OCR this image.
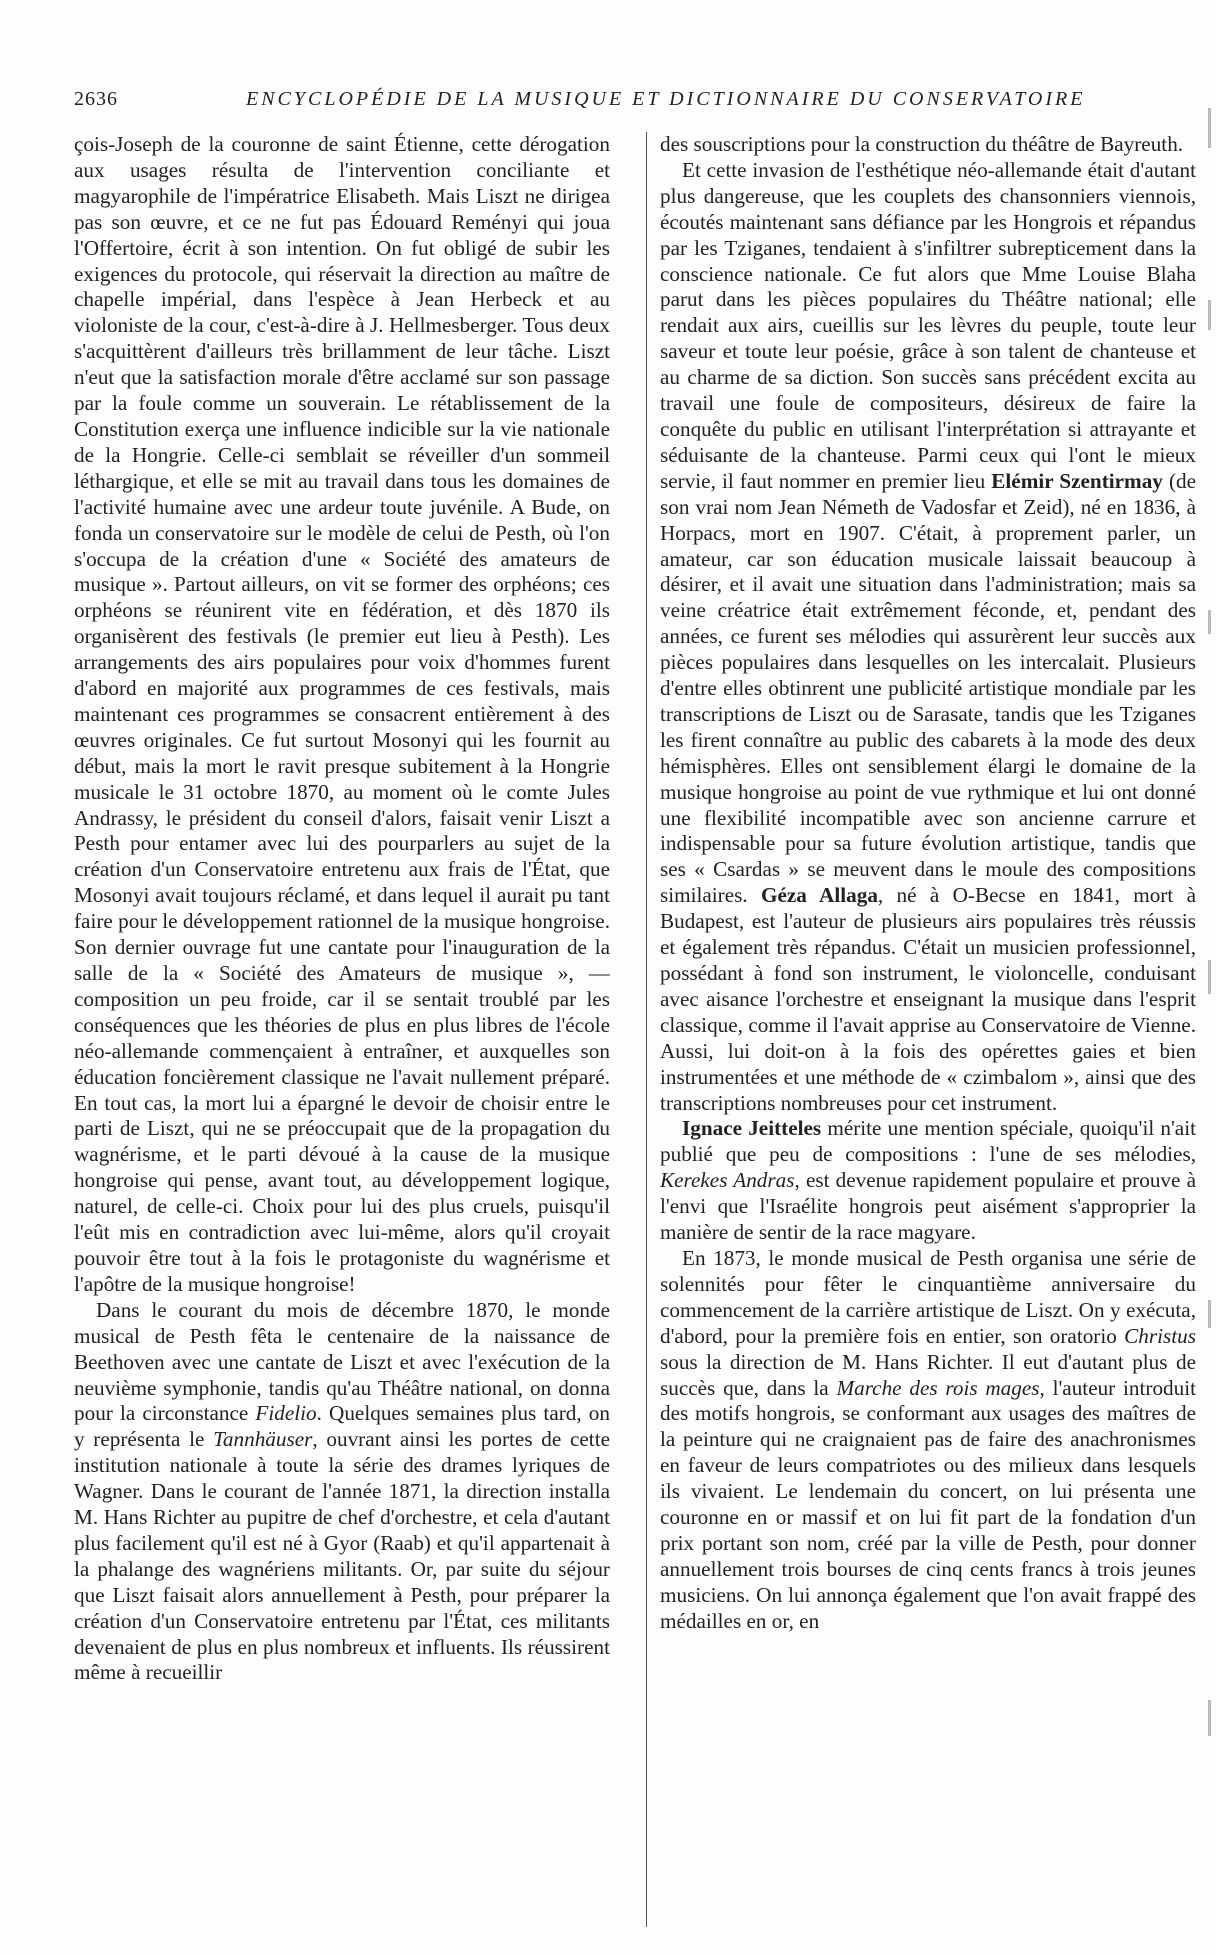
2636	ENCYCLOPÉDIE DE LA MUSIQUE ET DICTIONNAIRE DU CONSERVATOIRE

çois-Joseph de la couronne de saint Étienne, cette dérogation aux usages résulta de l'intervention conciliante et magyarophile de l'impératrice Elisabeth. Mais Liszt ne dirigea pas son œuvre, et ce ne fut pas Édouard Reményi qui joua l'Offertoire, écrit à son intention. On fut obligé de subir les exigences du protocole, qui réservait la direction au maître de chapelle impérial, dans l'espèce à Jean Herbeck et au violoniste de la cour, c'est-à-dire à J. Hellmesberger. Tous deux s'acquittèrent d'ailleurs très brillamment de leur tâche. Liszt n'eut que la satisfaction morale d'être acclamé sur son passage par la foule comme un souverain. Le rétablissement de la Constitution exerça une influence indicible sur la vie nationale de la Hongrie. Celle-ci semblait se réveiller d'un sommeil léthargique, et elle se mit au travail dans tous les domaines de l'activité humaine avec une ardeur toute juvénile. A Bude, on fonda un conservatoire sur le modèle de celui de Pesth, où l'on s'occupa de la création d'une « Société des amateurs de musique ». Partout ailleurs, on vit se former des orphéons; ces orphéons se réunirent vite en fédération, et dès 1870 ils organisèrent des festivals (le premier eut lieu à Pesth). Les arrangements des airs populaires pour voix d'hommes furent d'abord en majorité aux programmes de ces festivals, mais maintenant ces programmes se consacrent entièrement à des œuvres originales. Ce fut surtout Mosonyi qui les fournit au début, mais la mort le ravit presque subitement à la Hongrie musicale le 31 octobre 1870, au moment où le comte Jules Andrassy, le président du conseil d'alors, faisait venir Liszt a Pesth pour entamer avec lui des pourparlers au sujet de la création d'un Conservatoire entretenu aux frais de l'État, que Mosonyi avait toujours réclamé, et dans lequel il aurait pu tant faire pour le développement rationnel de la musique hongroise. Son dernier ouvrage fut une cantate pour l'inauguration de la salle de la « Société des Amateurs de musique », — composition un peu froide, car il se sentait troublé par les conséquences que les théories de plus en plus libres de l'école néo-allemande commençaient à entraîner, et auxquelles son éducation foncièrement classique ne l'avait nullement préparé. En tout cas, la mort lui a épargné le devoir de choisir entre le parti de Liszt, qui ne se préoccupait que de la propagation du wagnérisme, et le parti dévoué à la cause de la musique hongroise qui pense, avant tout, au développement logique, naturel, de celle-ci. Choix pour lui des plus cruels, puisqu'il l'eût mis en contradiction avec lui-même, alors qu'il croyait pouvoir être tout à la fois le protagoniste du wagnérisme et l'apôtre de la musique hongroise!

Dans le courant du mois de décembre 1870, le monde musical de Pesth fêta le centenaire de la naissance de Beethoven avec une cantate de Liszt et avec l'exécution de la neuvième symphonie, tandis qu'au Théâtre national, on donna pour la circonstance Fidelio. Quelques semaines plus tard, on y représenta le Tannhäuser, ouvrant ainsi les portes de cette institution nationale à toute la série des drames lyriques de Wagner. Dans le courant de l'année 1871, la direction installa M. Hans Richter au pupitre de chef d'orchestre, et cela d'autant plus facilement qu'il est né à Gyor (Raab) et qu'il appartenait à la phalange des wagnériens militants. Or, par suite du séjour que Liszt faisait alors annuellement à Pesth, pour préparer la création d'un Conservatoire entretenu par l'État, ces militants devenaient de plus en plus nombreux et influents. Ils réussirent même à recueillir

des souscriptions pour la construction du théâtre de Bayreuth.

Et cette invasion de l'esthétique néo-allemande était d'autant plus dangereuse, que les couplets des chansonniers viennois, écoutés maintenant sans défiance par les Hongrois et répandus par les Tziganes, tendaient à s'infiltrer subrepticement dans la conscience nationale. Ce fut alors que Mme Louise Blaha parut dans les pièces populaires du Théâtre national; elle rendait aux airs, cueillis sur les lèvres du peuple, toute leur saveur et toute leur poésie, grâce à son talent de chanteuse et au charme de sa diction. Son succès sans précédent excita au travail une foule de compositeurs, désireux de faire la conquête du public en utilisant l'interprétation si attrayante et séduisante de la chanteuse. Parmi ceux qui l'ont le mieux servie, il faut nommer en premier lieu Elémir Szentirmay (de son vrai nom Jean Németh de Vadosfar et Zeid), né en 1836, à Horpacs, mort en 1907. C'était, à proprement parler, un amateur, car son éducation musicale laissait beaucoup à désirer, et il avait une situation dans l'administration; mais sa veine créatrice était extrêmement féconde, et, pendant des années, ce furent ses mélodies qui assurèrent leur succès aux pièces populaires dans lesquelles on les intercalait. Plusieurs d'entre elles obtinrent une publicité artistique mondiale par les transcriptions de Liszt ou de Sarasate, tandis que les Tziganes les firent connaître au public des cabarets à la mode des deux hémisphères. Elles ont sensiblement élargi le domaine de la musique hongroise au point de vue rythmique et lui ont donné une flexibilité incompatible avec son ancienne carrure et indispensable pour sa future évolution artistique, tandis que ses « Csardas » se meuvent dans le moule des compositions similaires. Géza Allaga, né à O-Becse en 1841, mort à Budapest, est l'auteur de plusieurs airs populaires très réussis et également très répandus. C'était un musicien professionnel, possédant à fond son instrument, le violoncelle, conduisant avec aisance l'orchestre et enseignant la musique dans l'esprit classique, comme il l'avait apprise au Conservatoire de Vienne. Aussi, lui doit-on à la fois des opérettes gaies et bien instrumentées et une méthode de « czimbalom », ainsi que des transcriptions nombreuses pour cet instrument.

Ignace Jeitteles mérite une mention spéciale, quoiqu'il n'ait publié que peu de compositions : l'une de ses mélodies, Kerekes Andras, est devenue rapidement populaire et prouve à l'envi que l'Israélite hongrois peut aisément s'approprier la manière de sentir de la race magyare.

En 1873, le monde musical de Pesth organisa une série de solennités pour fêter le cinquantième anniversaire du commencement de la carrière artistique de Liszt. On y exécuta, d'abord, pour la première fois en entier, son oratorio Christus sous la direction de M. Hans Richter. Il eut d'autant plus de succès que, dans la Marche des rois mages, l'auteur introduit des motifs hongrois, se conformant aux usages des maîtres de la peinture qui ne craignaient pas de faire des anachronismes en faveur de leurs compatriotes ou des milieux dans lesquels ils vivaient. Le lendemain du concert, on lui présenta une couronne en or massif et on lui fit part de la fondation d'un prix portant son nom, créé par la ville de Pesth, pour donner annuellement trois bourses de cinq cents francs à trois jeunes musiciens. On lui annonça également que l'on avait frappé des médailles en or, en
